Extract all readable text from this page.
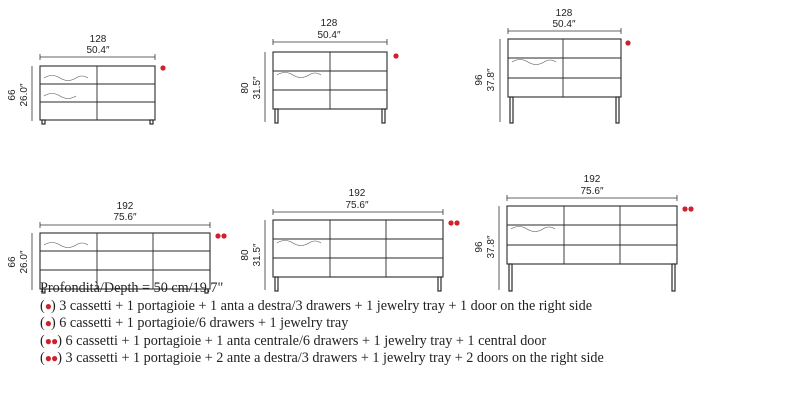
128
50.4″
66 26.0″
128
50.4″
80 31.5″
128
50.4″
96 37.8″
192
75.6″
66 26.0″
192
75.6″
80 31.5″
192
75.6″
96 37.8″
Profondità/Depth = 50 cm/19.7"
(●) 3 cassetti + 1 portagioie + 1 anta a destra/3 drawers + 1 jewelry tray + 1 door on the right side
(●) 6 cassetti + 1 portagioie/6 drawers + 1 jewelry tray
(●●) 6 cassetti + 1 portagioie + 1 anta centrale/6 drawers + 1 jewelry tray + 1 central door
(●●) 3 cassetti + 1 portagioie + 2 ante a destra/3 drawers + 1 jewelry tray + 2 doors on the right side
